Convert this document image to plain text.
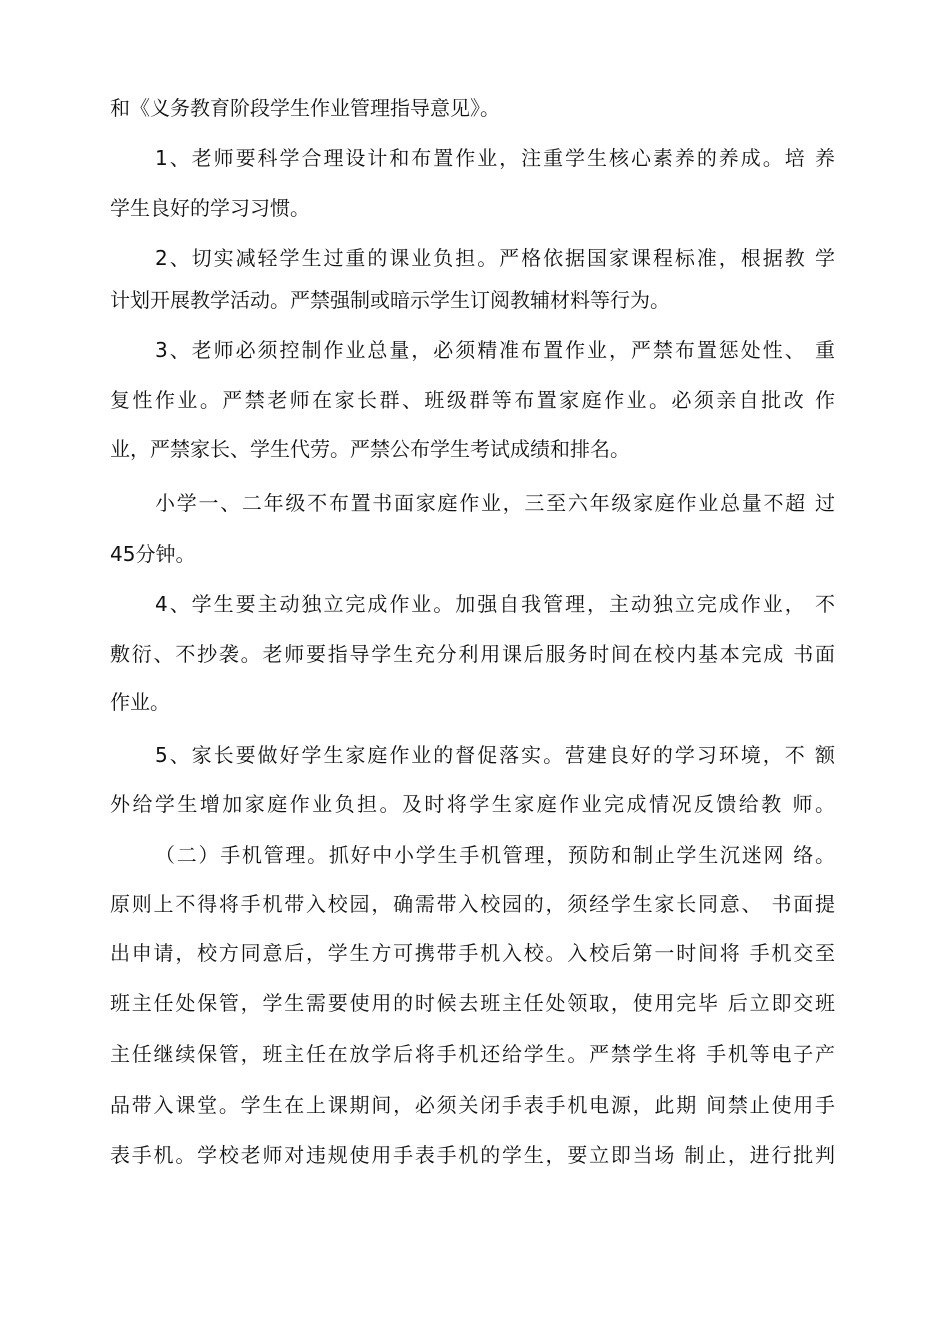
和《义务教育阶段学生作业管理指导意见》。
1、老师要科学合理设计和布置作业，注重学生核心素养的养成。培 养
学生良好的学习习惯。
2、切实减轻学生过重的课业负担。严格依据国家课程标准，根据教 学
计划开展教学活动。严禁强制或暗示学生订阅教辅材料等行为。
3、老师必须控制作业总量，必须精准布置作业，严禁布置惩处性、 重
复性作业。严禁老师在家长群、班级群等布置家庭作业。必须亲自批改 作
业，严禁家长、学生代劳。严禁公布学生考试成绩和排名。
小学一、二年级不布置书面家庭作业，三至六年级家庭作业总量不超 过
45分钟。
4、学生要主动独立完成作业。加强自我管理，主动独立完成作业， 不
敷衍、不抄袭。老师要指导学生充分利用课后服务时间在校内基本完成 书面
作业。
5、家长要做好学生家庭作业的督促落实。营建良好的学习环境，不 额
外给学生增加家庭作业负担。及时将学生家庭作业完成情况反馈给教 师。
（二）手机管理。抓好中小学生手机管理，预防和制止学生沉迷网 络。
原则上不得将手机带入校园，确需带入校园的，须经学生家长同意、 书面提
出申请，校方同意后，学生方可携带手机入校。入校后第一时间将 手机交至
班主任处保管，学生需要使用的时候去班主任处领取，使用完毕 后立即交班
主任继续保管，班主任在放学后将手机还给学生。严禁学生将 手机等电子产
品带入课堂。学生在上课期间，必须关闭手表手机电源，此期 间禁止使用手
表手机。学校老师对违规使用手表手机的学生，要立即当场 制止，进行批判
